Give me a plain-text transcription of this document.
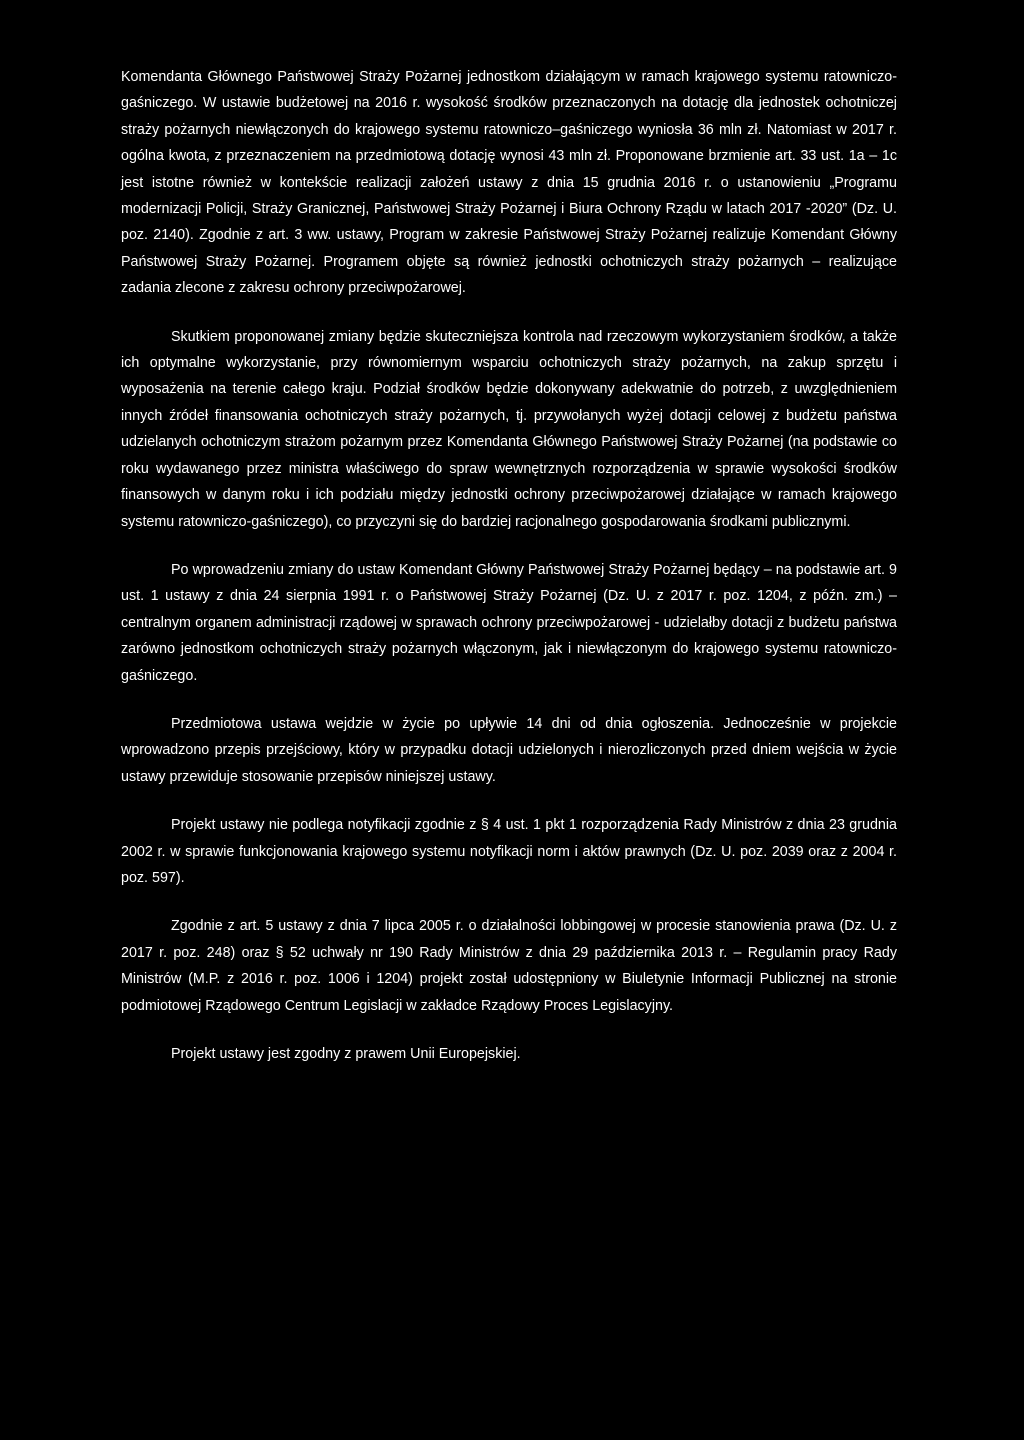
Komendanta Głównego Państwowej Straży Pożarnej jednostkom działającym w ramach krajowego systemu ratowniczo-gaśniczego. W ustawie budżetowej na 2016 r. wysokość środków przeznaczonych na dotację dla jednostek ochotniczej straży pożarnych niewłączonych do krajowego systemu ratowniczo–gaśniczego wyniosła 36 mln zł. Natomiast w 2017 r. ogólna kwota, z przeznaczeniem na przedmiotową dotację wynosi 43 mln zł. Proponowane brzmienie art. 33 ust. 1a – 1c jest istotne również w kontekście realizacji założeń ustawy z dnia 15 grudnia 2016 r. o ustanowieniu „Programu modernizacji Policji, Straży Granicznej, Państwowej Straży Pożarnej i Biura Ochrony Rządu w latach 2017 -2020” (Dz. U. poz. 2140). Zgodnie z art. 3 ww. ustawy, Program w zakresie Państwowej Straży Pożarnej realizuje Komendant Główny Państwowej Straży Pożarnej. Programem objęte są również jednostki ochotniczych straży pożarnych – realizujące zadania zlecone z zakresu ochrony przeciwpożarowej.

Skutkiem proponowanej zmiany będzie skuteczniejsza kontrola nad rzeczowym wykorzystaniem środków, a także ich optymalne wykorzystanie, przy równomiernym wsparciu ochotniczych straży pożarnych, na zakup sprzętu i wyposażenia na terenie całego kraju. Podział środków będzie dokonywany adekwatnie do potrzeb, z uwzględnieniem innych źródeł finansowania ochotniczych straży pożarnych, tj. przywołanych wyżej dotacji celowej z budżetu państwa udzielanych ochotniczym strażom pożarnym przez Komendanta Głównego Państwowej Straży Pożarnej (na podstawie co roku wydawanego przez ministra właściwego do spraw wewnętrznych rozporządzenia w sprawie wysokości środków finansowych w danym roku i ich podziału między jednostki ochrony przeciwpożarowej działające w ramach krajowego systemu ratowniczo-gaśniczego), co przyczyni się do bardziej racjonalnego gospodarowania środkami publicznymi.

Po wprowadzeniu zmiany do ustaw Komendant Główny Państwowej Straży Pożarnej będący – na podstawie art. 9 ust. 1 ustawy z dnia 24 sierpnia 1991 r. o Państwowej Straży Pożarnej (Dz. U. z 2017 r. poz. 1204, z późn. zm.) – centralnym organem administracji rządowej w sprawach ochrony przeciwpożarowej - udzielałby dotacji z budżetu państwa zarówno jednostkom ochotniczych straży pożarnych włączonym, jak i niewłączonym do krajowego systemu ratowniczo-gaśniczego.

Przedmiotowa ustawa wejdzie w życie po upływie 14 dni od dnia ogłoszenia. Jednocześnie w projekcie wprowadzono przepis przejściowy, który w przypadku dotacji udzielonych i nierozliczonych przed dniem wejścia w życie ustawy przewiduje stosowanie przepisów niniejszej ustawy.

Projekt ustawy nie podlega notyfikacji zgodnie z § 4 ust. 1 pkt 1 rozporządzenia Rady Ministrów z dnia 23 grudnia 2002 r. w sprawie funkcjonowania krajowego systemu notyfikacji norm i aktów prawnych (Dz. U. poz. 2039 oraz z 2004 r. poz. 597).

Zgodnie z art. 5 ustawy z dnia 7 lipca 2005 r. o działalności lobbingowej w procesie stanowienia prawa (Dz. U. z 2017 r. poz. 248) oraz § 52 uchwały nr 190 Rady Ministrów z dnia 29 października 2013 r. – Regulamin pracy Rady Ministrów (M.P. z 2016 r. poz. 1006 i 1204) projekt został udostępniony w Biuletynie Informacji Publicznej na stronie podmiotowej Rządowego Centrum Legislacji w zakładce Rządowy Proces Legislacyjny.

Projekt ustawy jest zgodny z prawem Unii Europejskiej.
